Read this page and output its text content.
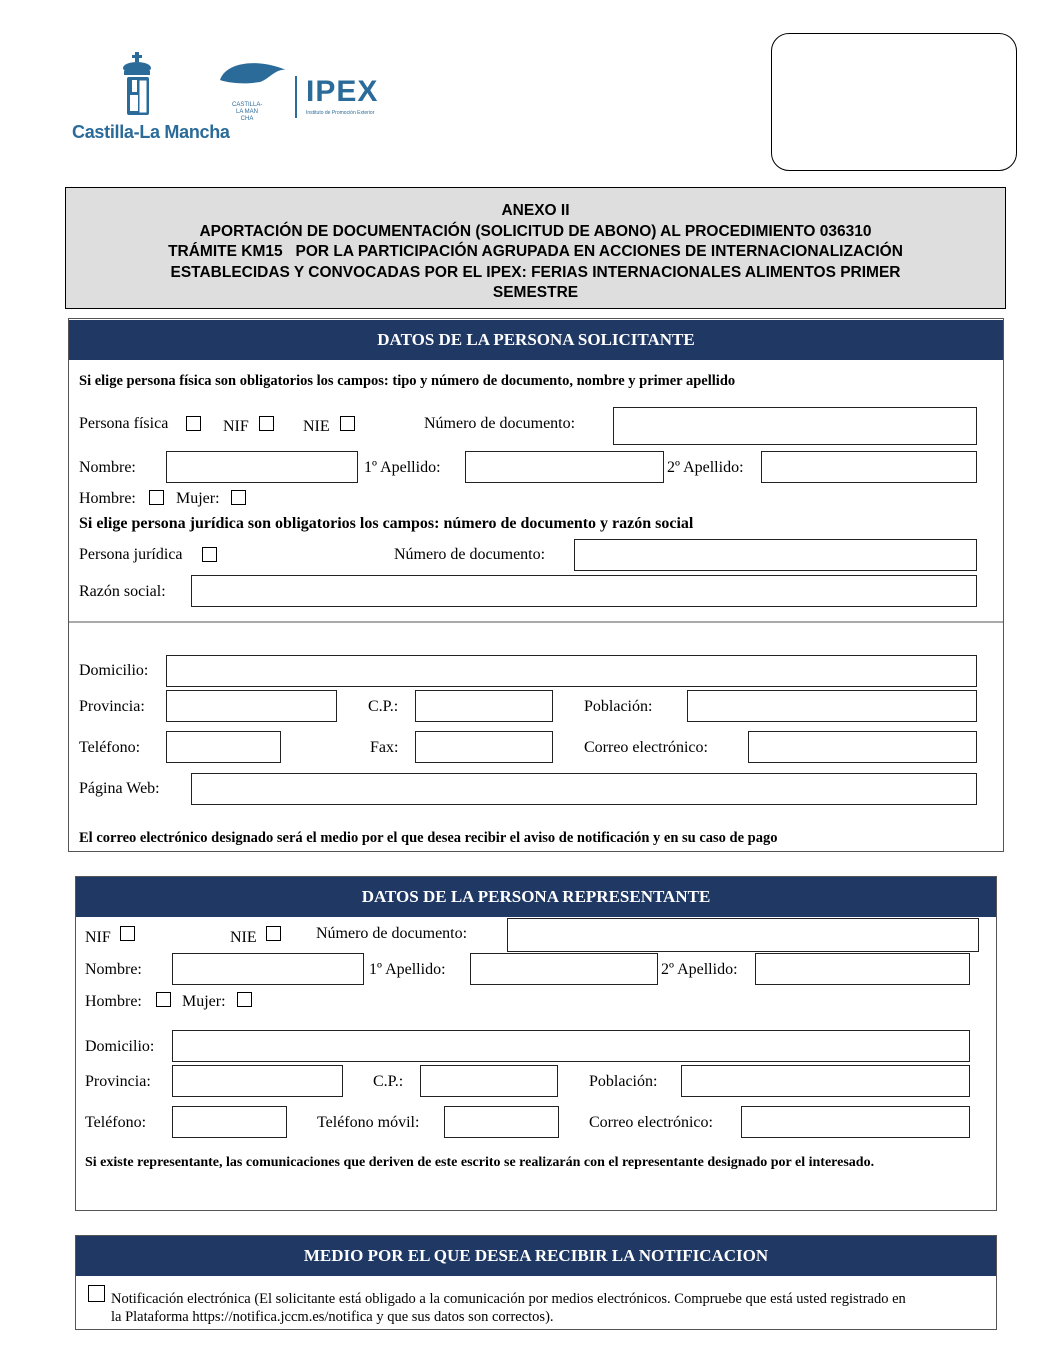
Castilla-La Mancha
CASTILLA-LA MAN CHA
IPEX
Instituto de Promoción Exterior
ANEXO II
APORTACIÓN DE DOCUMENTACIÓN (SOLICITUD DE ABONO) AL PROCEDIMIENTO 036310
TRÁMITE KM15   POR LA PARTICIPACIÓN AGRUPADA EN ACCIONES DE INTERNACIONALIZACIÓN
ESTABLECIDAS Y CONVOCADAS POR EL IPEX: FERIAS INTERNACIONALES ALIMENTOS PRIMER
SEMESTRE
DATOS DE LA PERSONA SOLICITANTE
Si elige persona física son obligatorios los campos: tipo y número de documento, nombre y primer apellido
Persona física	NIF	NIE	Número de documento:
Nombre:	1º Apellido:	2º Apellido:
Hombre:	Mujer:
Si elige persona jurídica son obligatorios los campos: número de documento y razón social
Persona jurídica	Número de documento:
Razón social:
Domicilio:
Provincia:	C.P.:	Población:
Teléfono:	Fax:	Correo electrónico:
Página Web:
El correo electrónico designado será el medio por el que desea recibir el aviso de notificación y en su caso de pago
DATOS DE LA PERSONA REPRESENTANTE
NIF	NIE	Número de documento:
Nombre:	1º Apellido:	2º Apellido:
Hombre:	Mujer:
Domicilio:
Provincia:	C.P.:	Población:
Teléfono:	Teléfono móvil:	Correo electrónico:
Si existe representante, las comunicaciones que deriven de este escrito se realizarán con el representante designado por el interesado.
MEDIO POR EL QUE DESEA RECIBIR LA NOTIFICACION
Notificación electrónica (El solicitante está obligado a la comunicación por medios electrónicos. Compruebe que está usted registrado en
la Plataforma https://notifica.jccm.es/notifica y que sus datos son correctos).
